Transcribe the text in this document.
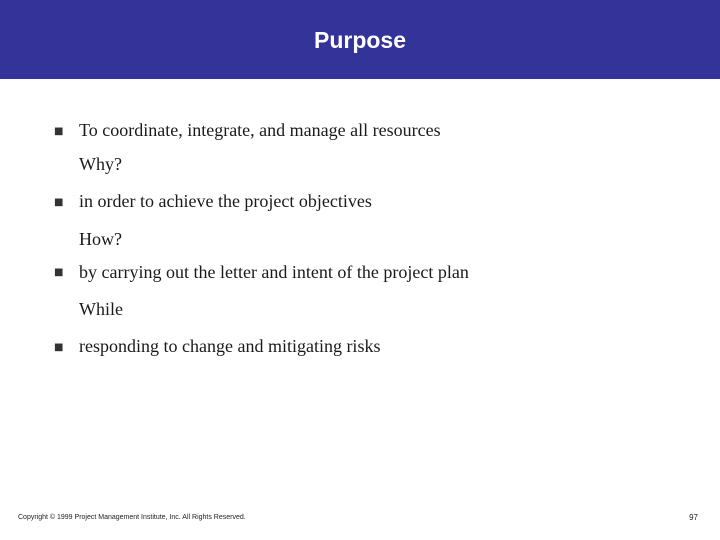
Purpose
■ To coordinate, integrate, and manage all resources
Why?
■ in order to achieve the project objectives
How?
■ by carrying out the letter and intent of the project plan
While
■ responding to change and mitigating risks
Copyright © 1999 Project Management Institute, Inc. All Rights Reserved.	97
